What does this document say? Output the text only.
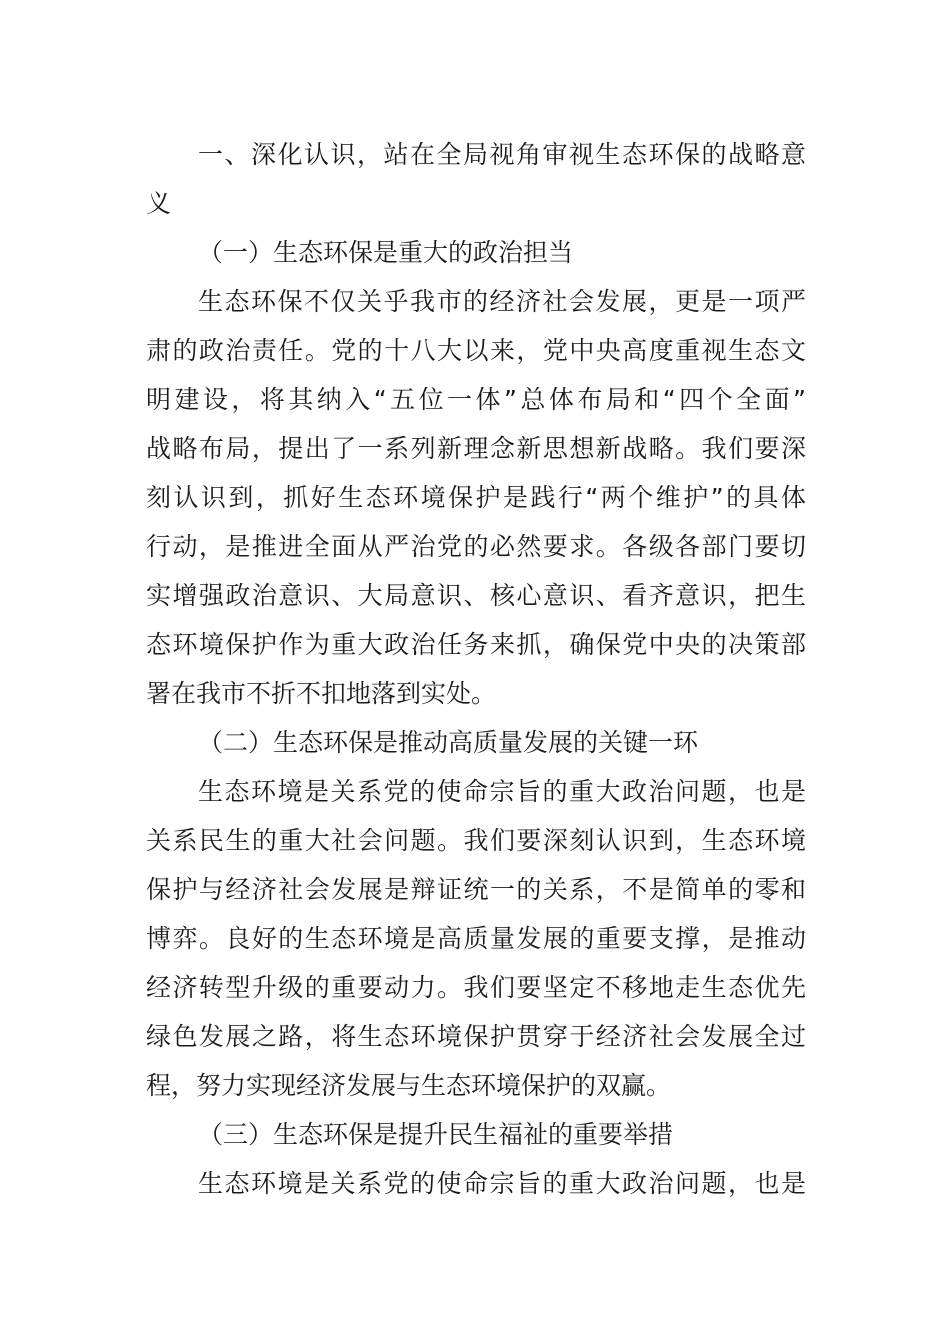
一、深化认识，站在全局视角审视生态环保的战略意
义
（一）生态环保是重大的政治担当
生态环保不仅关乎我市的经济社会发展，更是一项严
肃的政治责任。党的十八大以来，党中央高度重视生态文
明建设，将其纳入“五位一体”总体布局和“四个全面”
战略布局，提出了一系列新理念新思想新战略。我们要深
刻认识到，抓好生态环境保护是践行“两个维护”的具体
行动，是推进全面从严治党的必然要求。各级各部门要切
实增强政治意识、大局意识、核心意识、看齐意识，把生
态环境保护作为重大政治任务来抓，确保党中央的决策部
署在我市不折不扣地落到实处。
（二）生态环保是推动高质量发展的关键一环
生态环境是关系党的使命宗旨的重大政治问题，也是
关系民生的重大社会问题。我们要深刻认识到，生态环境
保护与经济社会发展是辩证统一的关系，不是简单的零和
博弈。良好的生态环境是高质量发展的重要支撑，是推动
经济转型升级的重要动力。我们要坚定不移地走生态优先
绿色发展之路，将生态环境保护贯穿于经济社会发展全过
程，努力实现经济发展与生态环境保护的双赢。
（三）生态环保是提升民生福祉的重要举措
生态环境是关系党的使命宗旨的重大政治问题，也是
